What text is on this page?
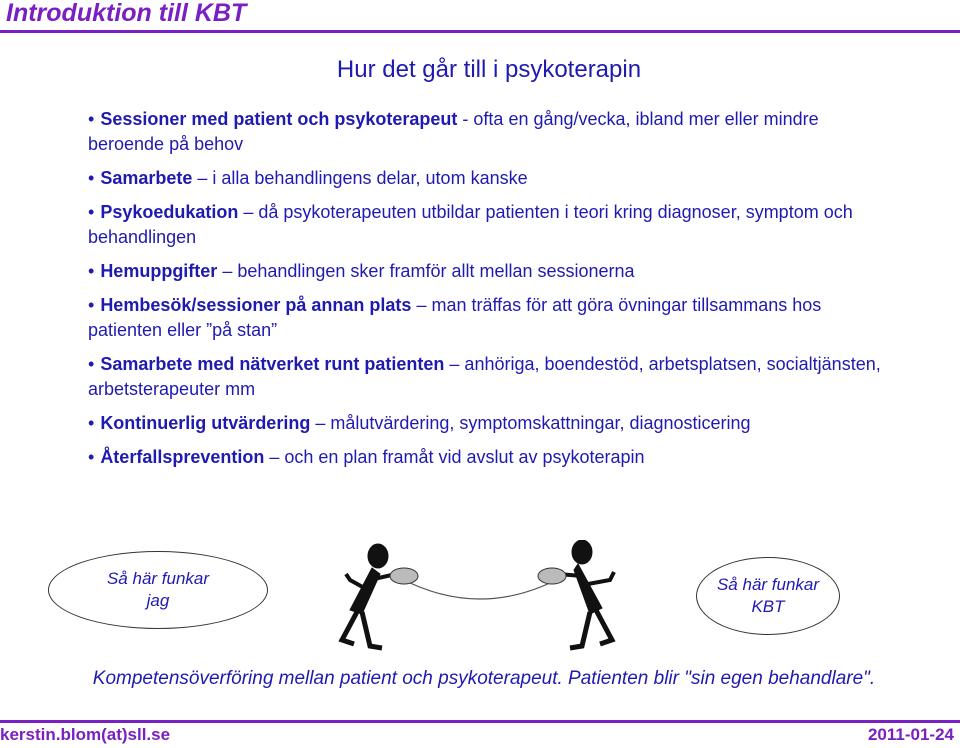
Introduktion till KBT
Hur det går till i psykoterapin
• Sessioner med patient och psykoterapeut - ofta en gång/vecka, ibland mer eller mindre beroende på behov
• Samarbete – i alla behandlingens delar, utom kanske
• Psykoedukation – då psykoterapeuten utbildar patienten i teori kring diagnoser, symptom och behandlingen
• Hemuppgifter – behandlingen sker framför allt mellan sessionerna
• Hembesök/sessioner på annan plats – man träffas för att göra övningar tillsammans hos patienten eller ”på stan”
• Samarbete med nätverket runt patienten – anhöriga, boendestöd, arbetsplatsen, socialtjänsten, arbetsterapeuter mm
• Kontinuerlig utvärdering – målutvärdering, symptomskattningar, diagnosticering
• Återfallsprevention – och en plan framåt vid avslut av psykoterapin
Så här funkar
jag
Så här funkar
KBT
Kompetensöverföring mellan patient och psykoterapeut. Patienten blir "sin egen behandlare".
kerstin.blom(at)sll.se	2011-01-24
